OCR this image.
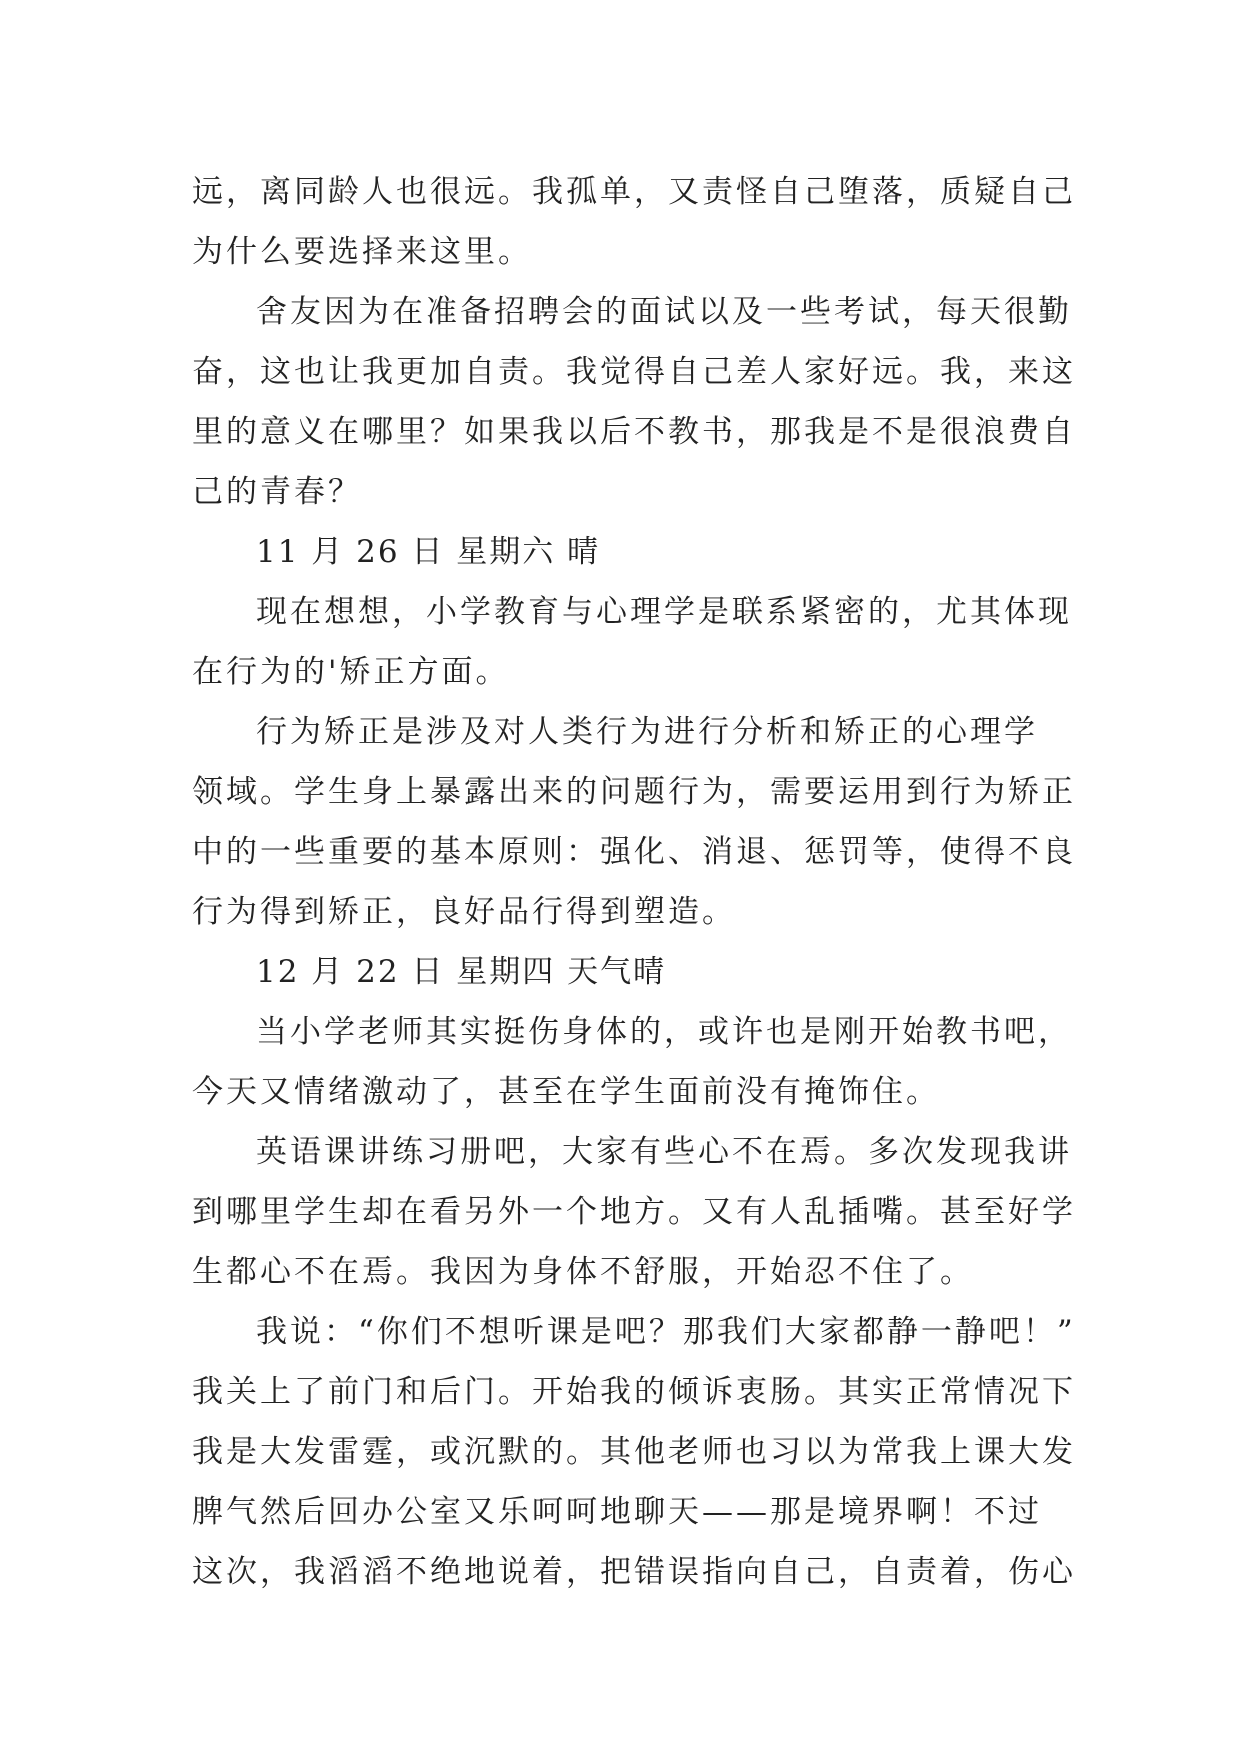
远，离同龄人也很远。我孤单，又责怪自己堕落，质疑自己
为什么要选择来这里。
舍友因为在准备招聘会的面试以及一些考试，每天很勤
奋，这也让我更加自责。我觉得自己差人家好远。我，来这
里的意义在哪里？如果我以后不教书，那我是不是很浪费自
己的青春？
11 月 26 日 星期六 晴
现在想想，小学教育与心理学是联系紧密的，尤其体现
在行为的'矫正方面。
行为矫正是涉及对人类行为进行分析和矫正的心理学
领域。学生身上暴露出来的问题行为，需要运用到行为矫正
中的一些重要的基本原则：强化、消退、惩罚等，使得不良
行为得到矫正，良好品行得到塑造。
12 月 22 日 星期四 天气晴
当小学老师其实挺伤身体的，或许也是刚开始教书吧，
今天又情绪激动了，甚至在学生面前没有掩饰住。
英语课讲练习册吧，大家有些心不在焉。多次发现我讲
到哪里学生却在看另外一个地方。又有人乱插嘴。甚至好学
生都心不在焉。我因为身体不舒服，开始忍不住了。
我说：“你们不想听课是吧？那我们大家都静一静吧！”
我关上了前门和后门。开始我的倾诉衷肠。其实正常情况下
我是大发雷霆，或沉默的。其他老师也习以为常我上课大发
脾气然后回办公室又乐呵呵地聊天——那是境界啊！不过
这次，我滔滔不绝地说着，把错误指向自己，自责着，伤心
